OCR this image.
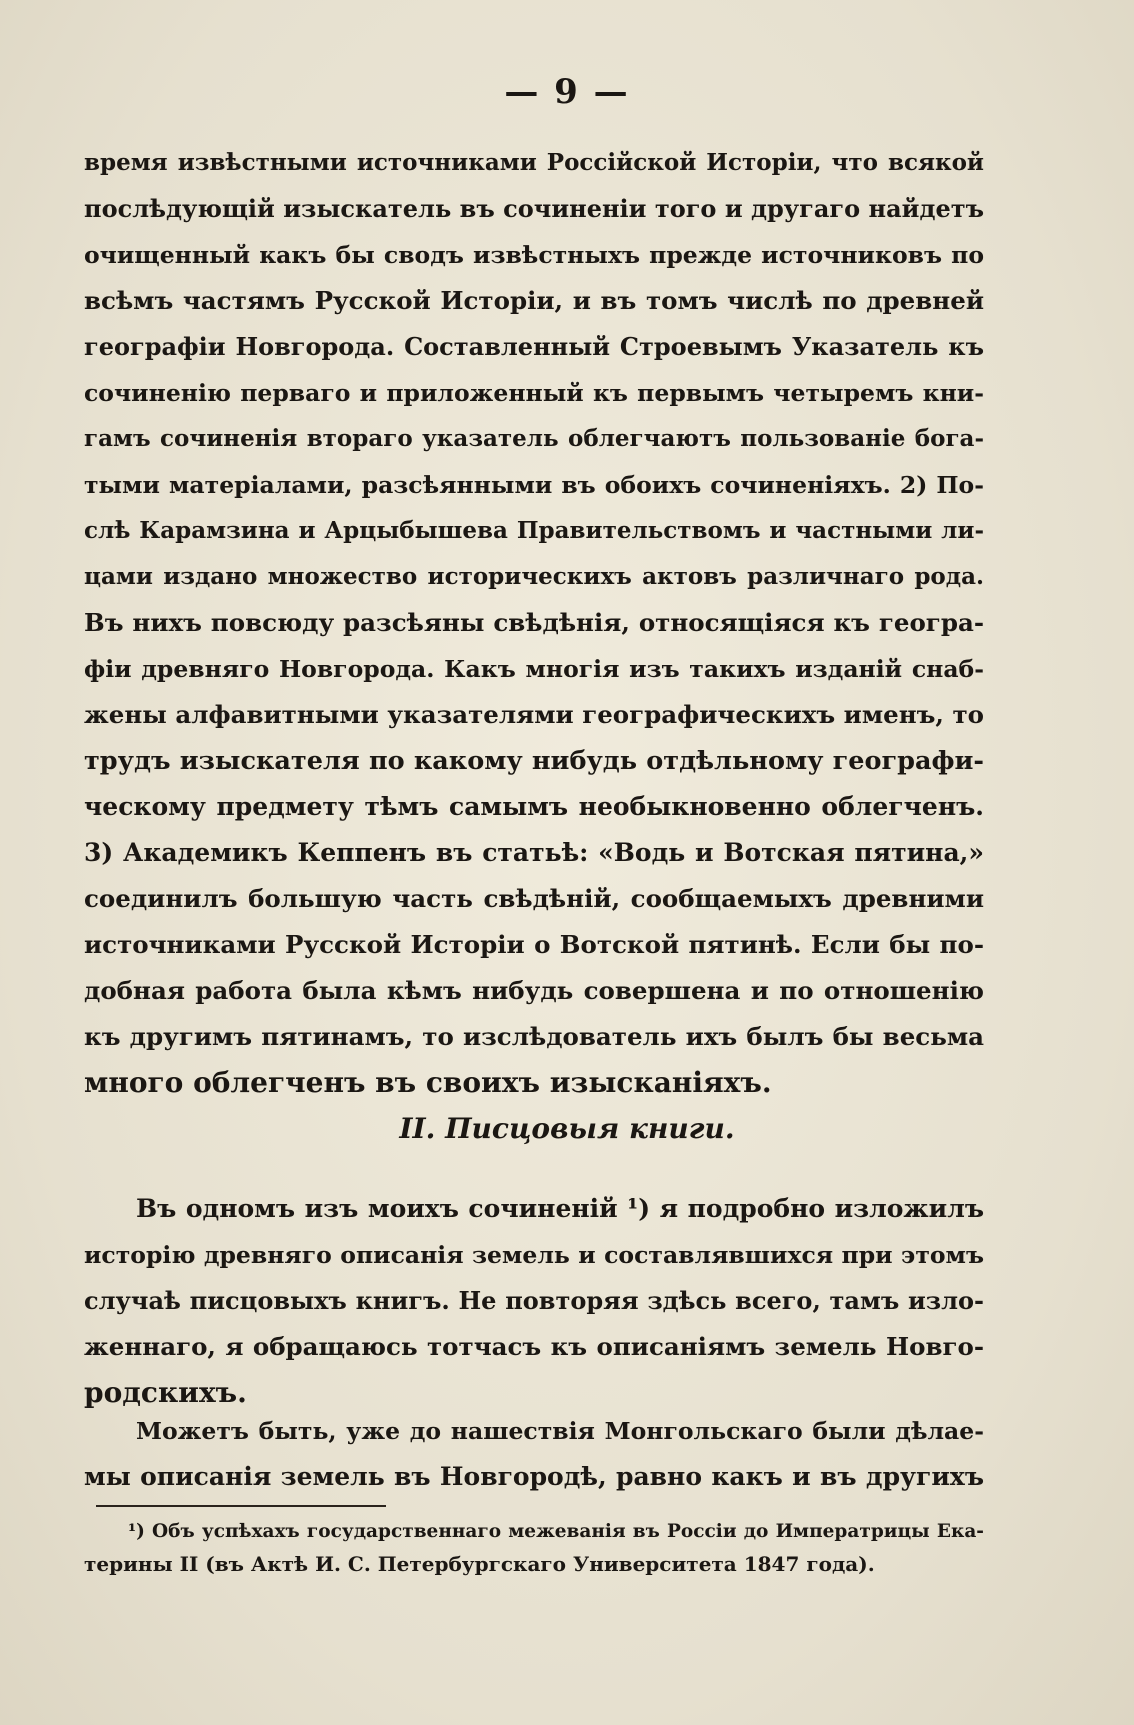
— 9 —
время извѣстными источниками Россійской Исторіи, что всякой
послѣдующій изыскатель въ сочиненіи того и другаго найдетъ
очищенный какъ бы сводъ извѣстныхъ прежде источниковъ по
всѣмъ частямъ Русской Исторіи, и въ томъ числѣ по древней
географіи Новгорода. Составленный Строевымъ Указатель къ
сочиненію перваго и приложенный къ первымъ четыремъ кни-
гамъ сочиненія втораго указатель облегчаютъ пользованіе бога-
тыми матеріалами, разсѣянными въ обоихъ сочиненіяхъ. 2) По-
слѣ Карамзина и Арцыбышева Правительствомъ и частными ли-
цами издано множество историческихъ актовъ различнаго рода.
Въ нихъ повсюду разсѣяны свѣдѣнія, относящіяся къ геогра-
фіи древняго Новгорода. Какъ многія изъ такихъ изданій снаб-
жены алфавитными указателями географическихъ именъ, то
трудъ изыскателя по какому нибудь отдѣльному географи-
ческому предмету тѣмъ самымъ необыкновенно облегченъ.
3) Академикъ Кеппенъ въ статьѣ: «Водь и Вотская пятина,»
соединилъ большую часть свѣдѣній, сообщаемыхъ древними
источниками Русской Исторіи о Вотской пятинѣ. Если бы по-
добная работа была кѣмъ нибудь совершена и по отношенію
къ другимъ пятинамъ, то изслѣдователь ихъ былъ бы весьма
много облегченъ въ своихъ изысканіяхъ.
II. Писцовыя книги.
Въ одномъ изъ моихъ сочиненій ¹) я подробно изложилъ
исторію древняго описанія земель и составлявшихся при этомъ
случаѣ писцовыхъ книгъ. Не повторяя здѣсь всего, тамъ изло-
женнаго, я обращаюсь тотчасъ къ описаніямъ земель Новго-
родскихъ.
Можетъ быть, уже до нашествія Монгольскаго были дѣлае-
мы описанія земель въ Новгородѣ, равно какъ и въ другихъ
¹) Объ успѣхахъ государственнаго межеванія въ Россіи до Императрицы Ека-
терины II (въ Актѣ И. С. Петербургскаго Университета 1847 года).
